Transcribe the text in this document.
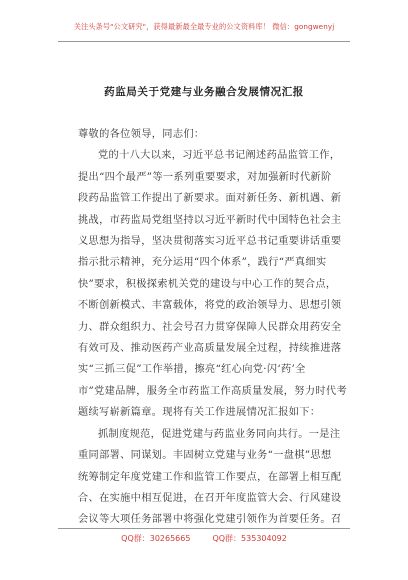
关注头条号"公文研究"，获得最新最全最专业的公文资料库！ 微信：gongwenyj
药监局关于党建与业务融合发展情况汇报
尊敬的各位领导，同志们：
党的十八大以来，习近平总书记阐述药品监管工作，
提出“四个最严”等一系列重要要求，对加强新时代新阶
段药品监管工作提出了新要求。面对新任务、新机遇、新
挑战，市药监局党组坚持以习近平新时代中国特色社会主
义思想为指导，坚决贯彻落实习近平总书记重要讲话重要
指示批示精神，充分运用“四个体系”，践行“严真细实
快”要求，积极探索机关党的建设与中心工作的契合点，
不断创新模式、丰富载体，将党的政治领导力、思想引领
力、群众组织力、社会号召力贯穿保障人民群众用药安全
有效可及、推动医药产业高质量发展全过程，持续推进落
实“三抓三促”工作举措，擦亮“红心向党·闪‘药’全
市”党建品牌，服务全市药监工作高质量发展，努力时代考
题续写崭新篇章。现将有关工作进展情况汇报如下：
抓制度规范，促进党建与药监业务同向共行。一是注
重同部署、同谋划。丰固树立党建与业务“一盘棋”思想
统筹制定年度党建工作和监管工作要点，在部署上相互配
合、在实施中相互促进，在召开年度监管大会、行风建设
会议等大项任务部署中将强化党建引领作为首要任务。召
QQ群：30265665	QQ群：535304092
